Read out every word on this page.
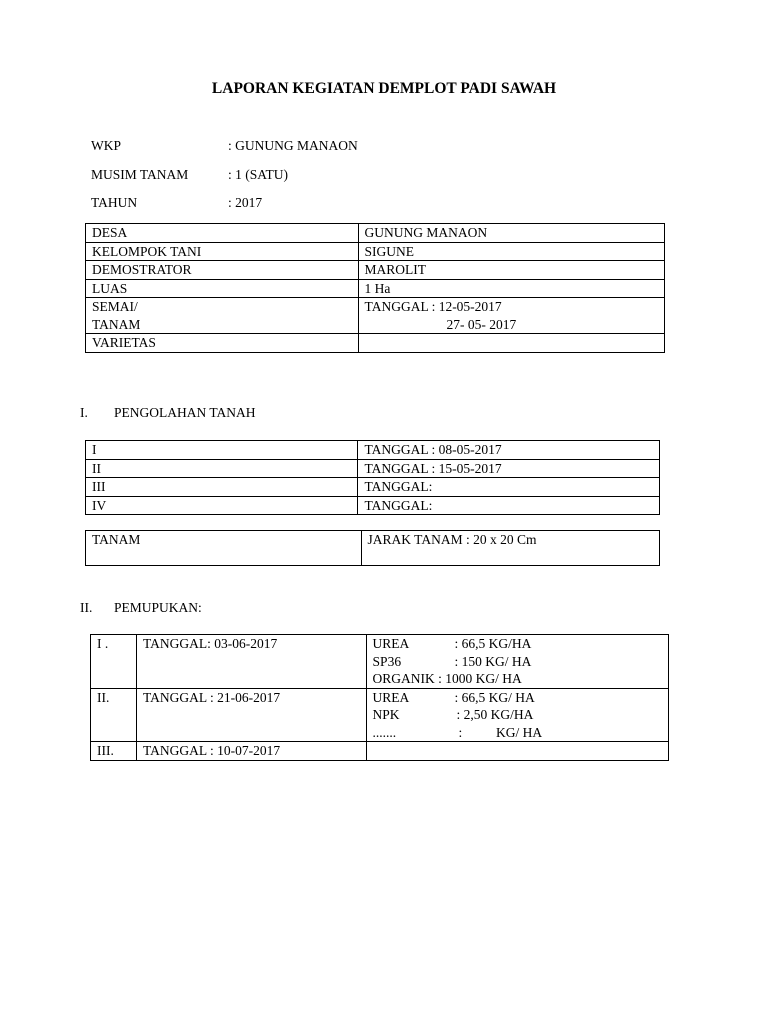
LAPORAN KEGIATAN DEMPLOT PADI SAWAH
WKP	: GUNUNG MANAON
MUSIM TANAM	: 1 (SATU)
TAHUN	: 2017
DESA	GUNUNG MANAON
KELOMPOK TANI	SIGUNE
DEMOSTRATOR	MAROLIT
LUAS	1 Ha

SEMAI/
TANAM	TANGGAL : 12-05-2017
27- 05- 2017

VARIETAS	
I. PENGOLAHAN TANAH
I	TANGGAL : 08-05-2017
II	TANGGAL : 15-05-2017
III	TANGGAL:
IV	TANGGAL:
TANAM	JARAK TANAM : 20 x 20 Cm
II. PEMUPUKAN:
I .	TANGGAL: 03-06-2017	UREA : 66,5 KG/HA
SP36 : 150 KG/ HA
ORGANIK : 1000 KG/ HA

II.	TANGGAL : 21-06-2017	UREA : 66,5 KG/ HA
NPK : 2,50 KG/HA
....... :          KG/ HA

III.	TANGGAL : 10-07-2017	
